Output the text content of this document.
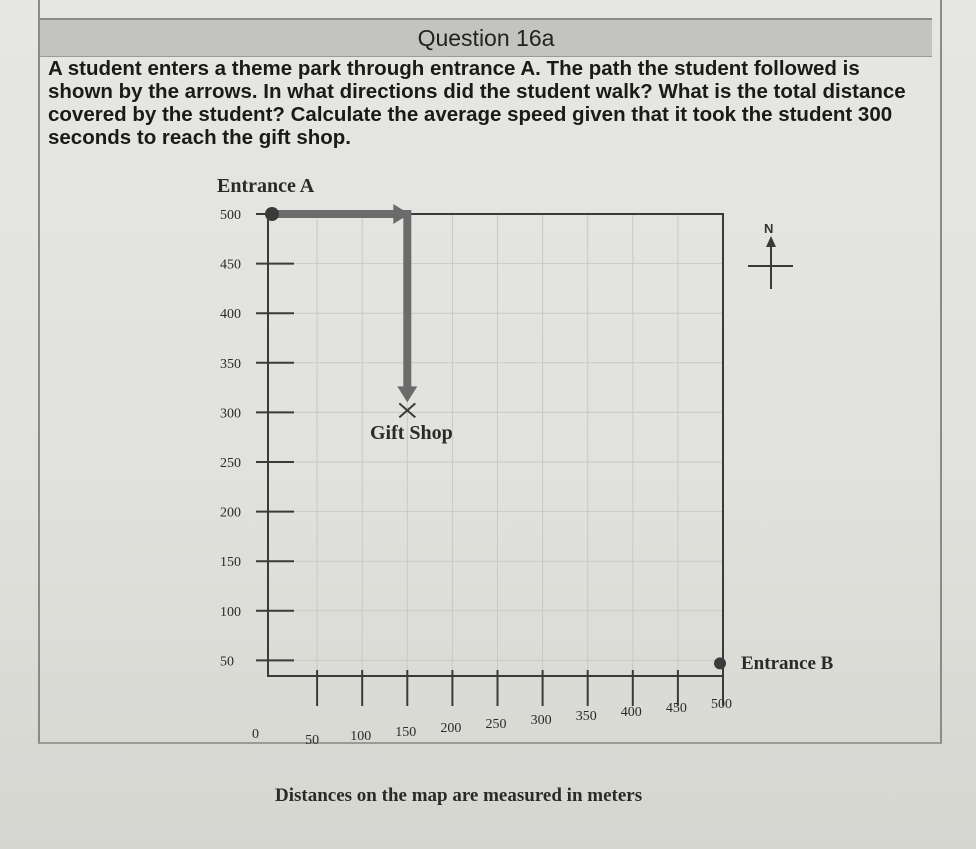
Question 16a
A student enters a theme park through entrance A. The path the student followed is shown by the arrows. In what directions did the student walk? What is the total distance covered by the student? Calculate the average speed given that it took the student 300 seconds to reach the gift shop.
500
450
400
350
300
250
200
150
100
50
50 100 150 200 250 300 350 400 450 500
0
Entrance A
Gift Shop
Entrance B
N
Distances on the map are measured in meters
